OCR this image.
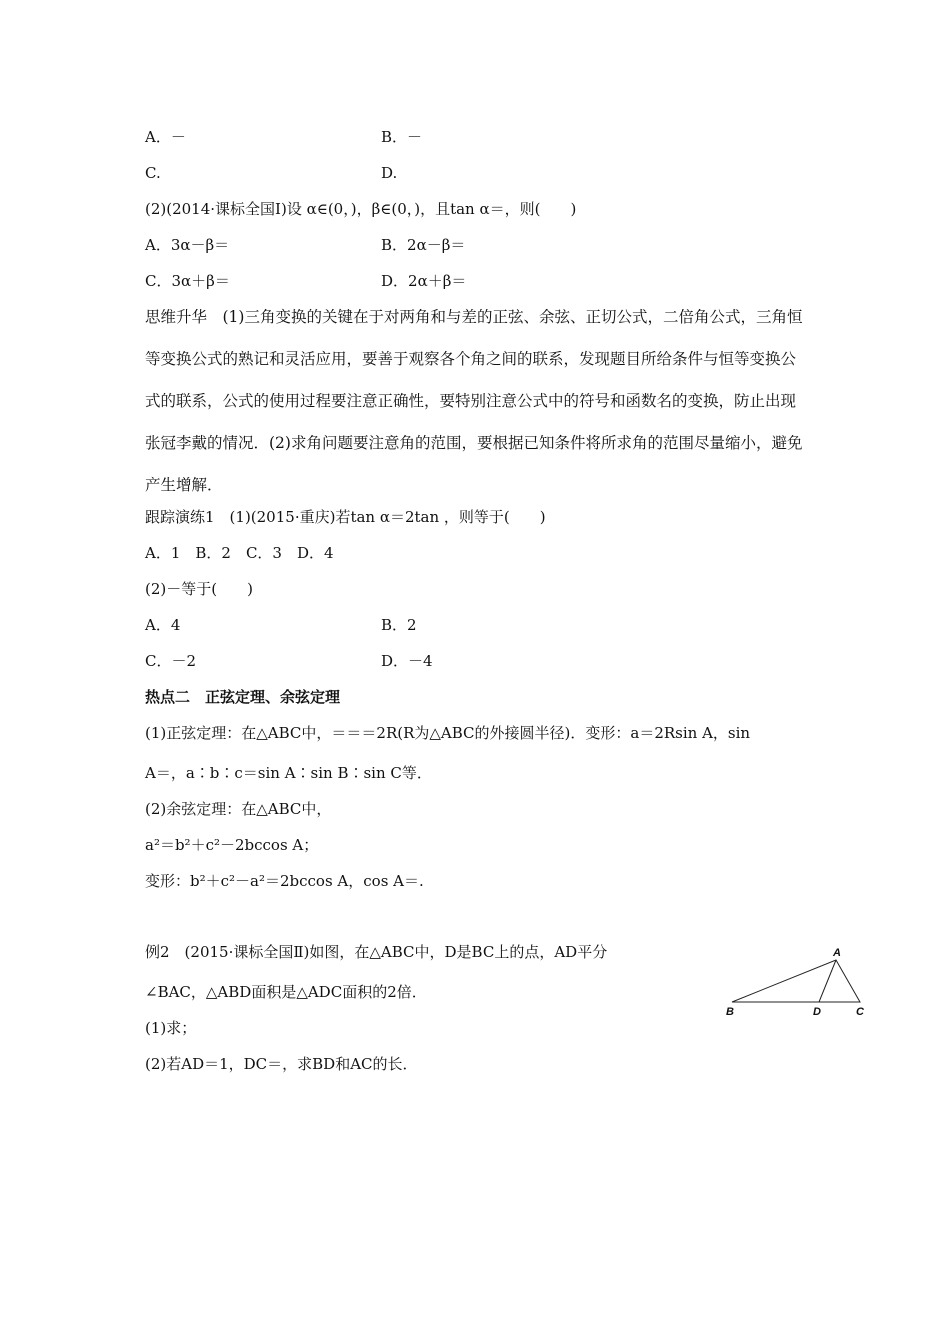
A．－	B．－
C.	D.
(2)(2014·课标全国Ⅰ)设 α∈(0，)，β∈(0，)，且tan α＝，则(　　)
A．3α－β＝	B．2α－β＝
C．3α＋β＝	D．2α＋β＝
思维升华　(1)三角变换的关键在于对两角和与差的正弦、余弦、正切公式，二倍角公式，三角恒等变换公式的熟记和灵活应用，要善于观察各个角之间的联系，发现题目所给条件与恒等变换公式的联系，公式的使用过程要注意正确性，要特别注意公式中的符号和函数名的变换，防止出现张冠李戴的情况．(2)求角问题要注意角的范围，要根据已知条件将所求角的范围尽量缩小，避免产生增解．
跟踪演练1　(1)(2015·重庆)若tan α＝2tan ，则等于(　　)
A．1　B．2　C．3　D．4
(2)－等于(　　)
A．4	B．2
C．－2	D．－4
热点二　正弦定理、余弦定理
(1)正弦定理：在△ABC中，＝＝＝2R(R为△ABC的外接圆半径)．变形：a＝2Rsin A，sin
A＝，a∶b∶c＝sin A∶sin B∶sin C等．
(2)余弦定理：在△ABC中，
a²＝b²＋c²－2bccos A；
变形：b²＋c²－a²＝2bccos A，cos A＝.
例2　(2015·课标全国Ⅱ)如图，在△ABC中，D是BC上的点，AD平分
∠BAC，△ABD面积是△ADC面积的2倍．
(1)求；
(2)若AD＝1，DC＝，求BD和AC的长．
A
B	D	C
